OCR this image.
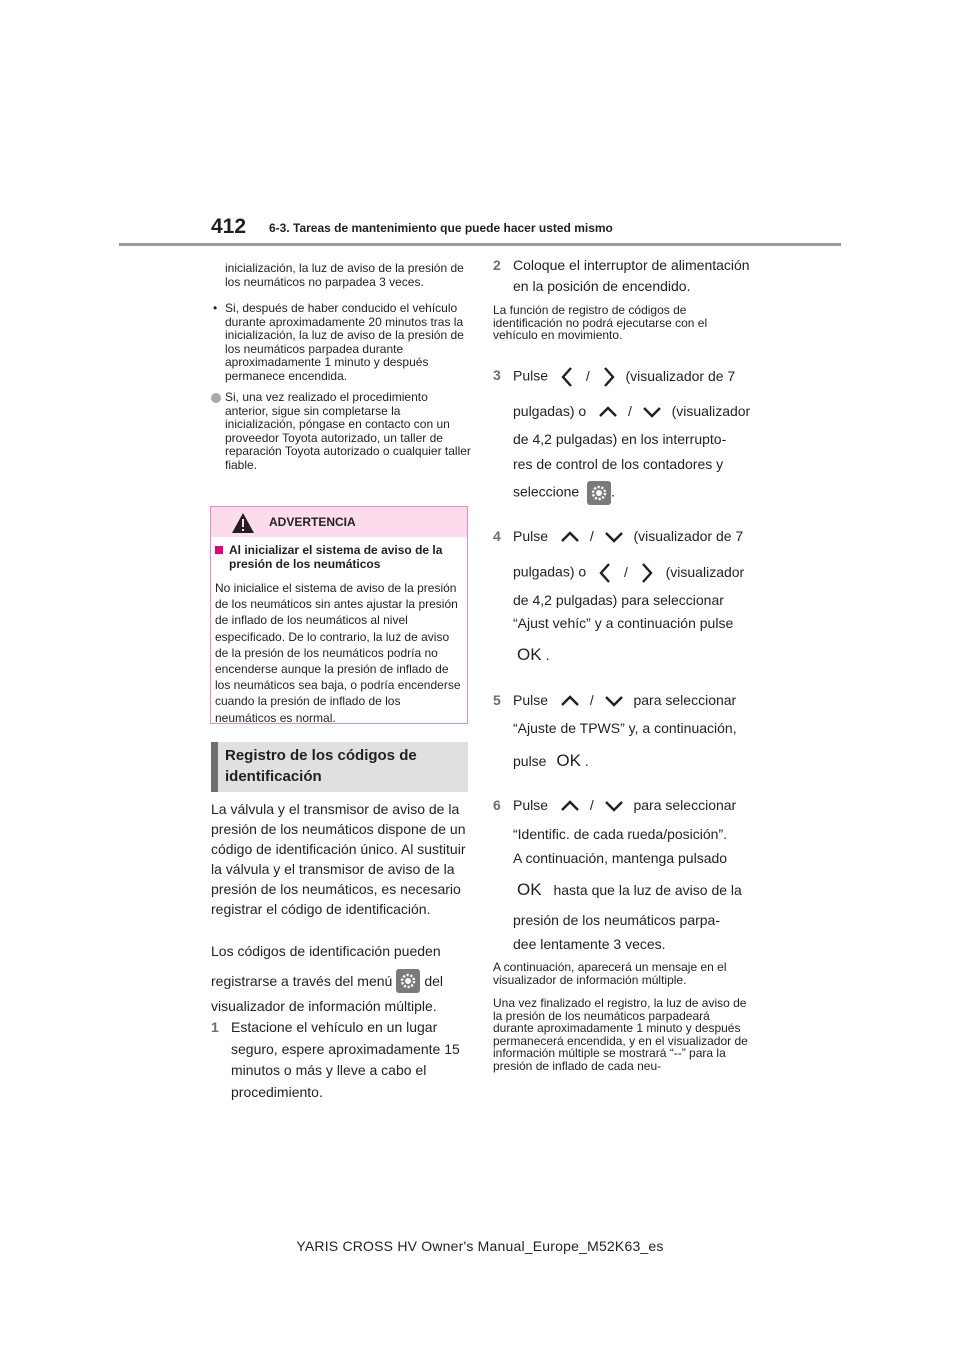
412 6-3. Tareas de mantenimiento que puede hacer usted mismo

inicialización, la luz de aviso de la presión de los neumáticos no parpadea 3 veces.

• Si, después de haber conducido el vehículo durante aproximadamente 20 minutos tras la inicialización, la luz de aviso de la presión de los neumáticos parpadea durante aproximadamente 1 minuto y después permanece encendida.

Si, una vez realizado el procedimiento anterior, sigue sin completarse la inicialización, póngase en contacto con un proveedor Toyota autorizado, un taller de reparación Toyota autorizado o cualquier taller fiable.

ADVERTENCIA
Al inicializar el sistema de aviso de la presión de los neumáticos

No inicialice el sistema de aviso de la presión de los neumáticos sin antes ajustar la presión de inflado de los neumáticos al nivel especificado. De lo contrario, la luz de aviso de la presión de los neumáticos podría no encenderse aunque la presión de inflado de los neumáticos sea baja, o podría encenderse cuando la presión de inflado de los neumáticos es normal.

Registro de los códigos de identificación

La válvula y el transmisor de aviso de la presión de los neumáticos dispone de un código de identificación único. Al sustituir la válvula y el transmisor de aviso de la presión de los neumáticos, es necesario registrar el código de identificación.

Los códigos de identificación pueden

registrarse a través del menú del

visualizador de información múltiple.

1 Estacione el vehículo en un lugar seguro, espere aproximadamente 15 minutos o más y lleve a cabo el procedimiento.

2 Coloque el interruptor de alimentación en la posición de encendido.

La función de registro de códigos de identificación no podrá ejecutarse con el vehículo en movimiento.

3 Pulse	/	(visualizador de 7
pulgadas) o	/	(visualizador
de 4,2 pulgadas) en los interrupto-
res de control de los contadores y
seleccione .
4 Pulse	/	(visualizador de 7
pulgadas) o	/	(visualizador
de 4,2 pulgadas) para seleccionar
“Ajust vehíc” y a continuación pulse
OK .
5 Pulse	/	para seleccionar
“Ajuste de TPWS” y, a continuación,
pulse OK .
6 Pulse	/	para seleccionar
“Identific. de cada rueda/posición”.
A continuación, mantenga pulsado
OK hasta que la luz de aviso de la
presión de los neumáticos parpa-
dee lentamente 3 veces.

A continuación, aparecerá un mensaje en el visualizador de información múltiple.

Una vez finalizado el registro, la luz de aviso de la presión de los neumáticos parpadeará durante aproximadamente 1 minuto y después permanecerá encendida, y en el visualizador de información múltiple se mostrará “--” para la presión de inflado de cada neu-

YARIS CROSS HV Owner's Manual_Europe_M52K63_es
